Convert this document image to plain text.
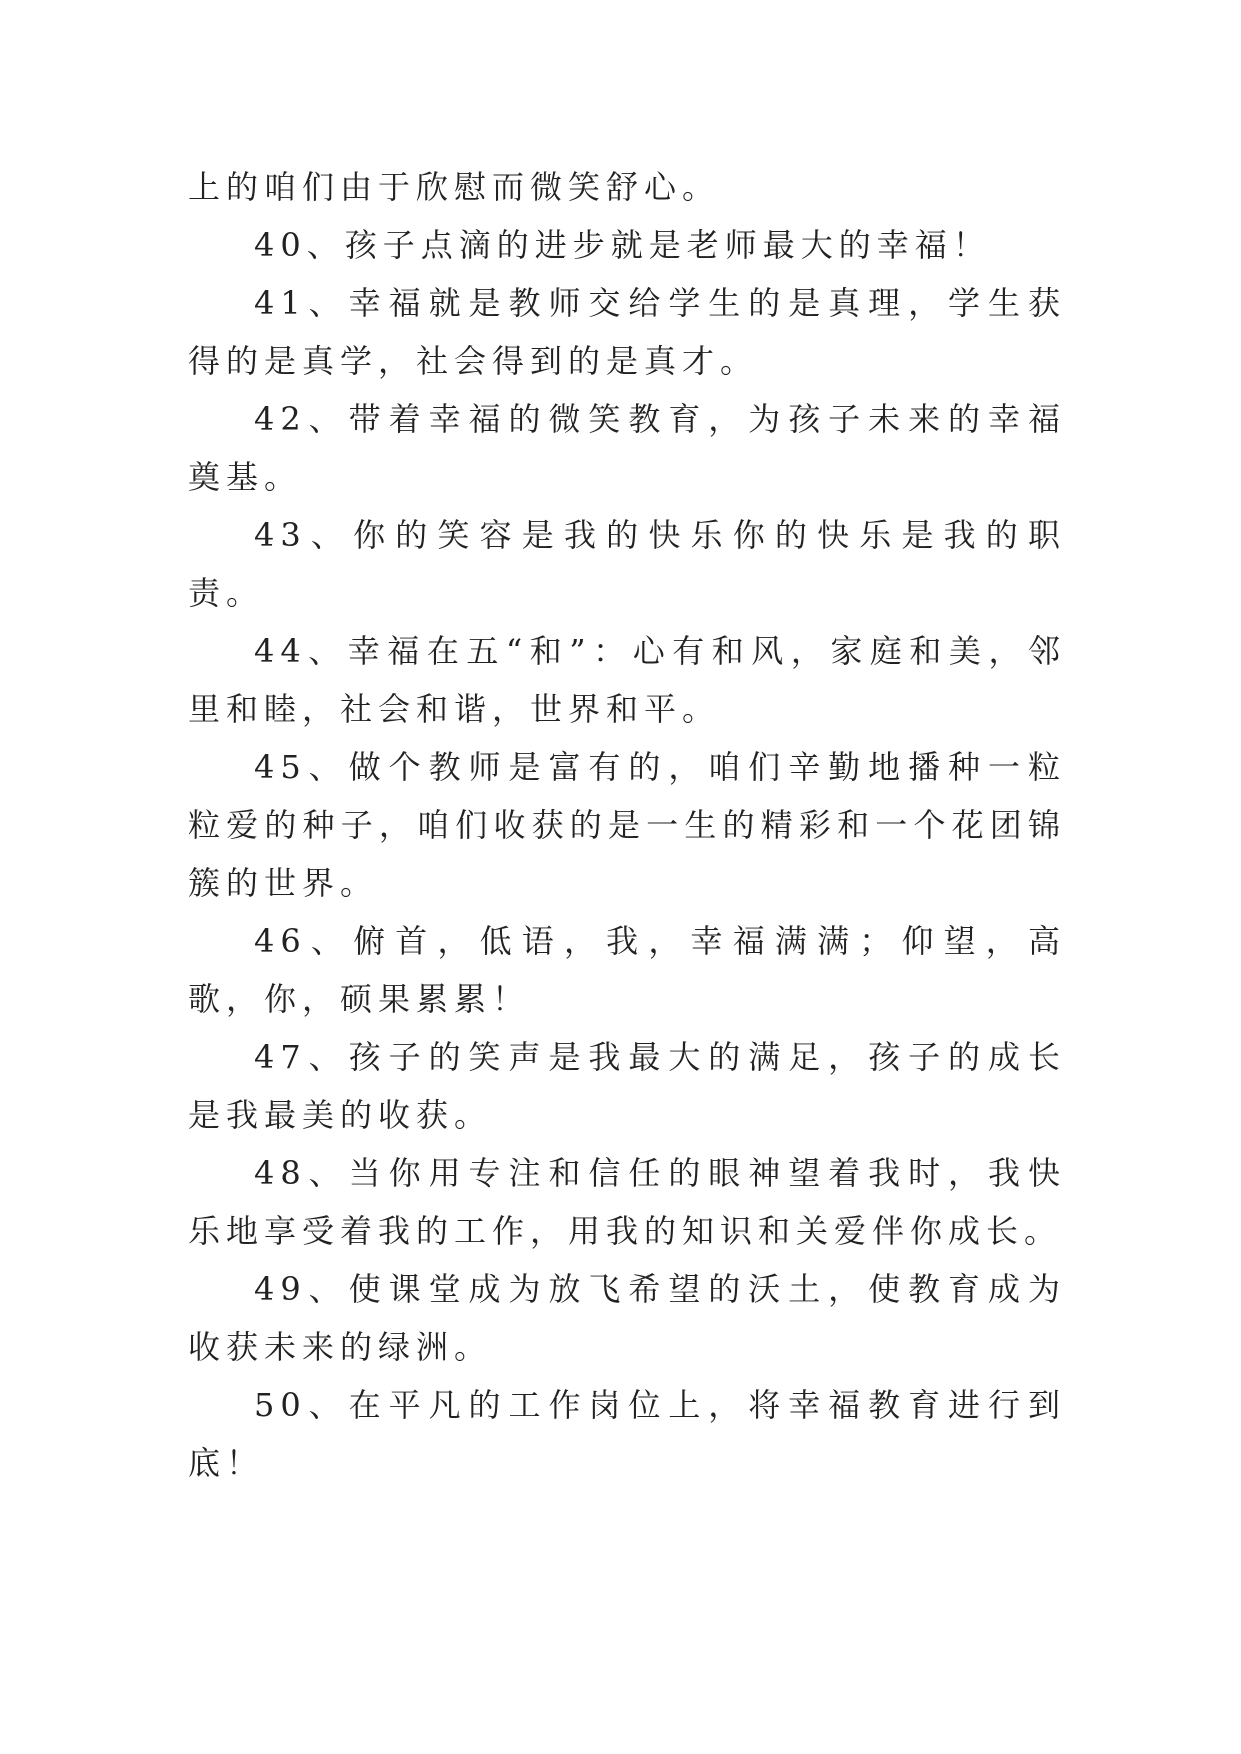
上的咱们由于欣慰而微笑舒心。

40、孩子点滴的进步就是老师最大的幸福！

41、幸福就是教师交给学生的是真理，学生获得的是真学，社会得到的是真才。

42、带着幸福的微笑教育，为孩子未来的幸福奠基。

43、你的笑容是我的快乐你的快乐是我的职责。

44、幸福在五“和”：心有和风，家庭和美，邻里和睦，社会和谐，世界和平。

45、做个教师是富有的，咱们辛勤地播种一粒粒爱的种子，咱们收获的是一生的精彩和一个花团锦簇的世界。

46、俯首，低语，我，幸福满满；仰望，高歌，你，硕果累累！

47、孩子的笑声是我最大的满足，孩子的成长是我最美的收获。

48、当你用专注和信任的眼神望着我时，我快乐地享受着我的工作，用我的知识和关爱伴你成长。

49、使课堂成为放飞希望的沃土，使教育成为收获未来的绿洲。

50、在平凡的工作岗位上，将幸福教育进行到底！
